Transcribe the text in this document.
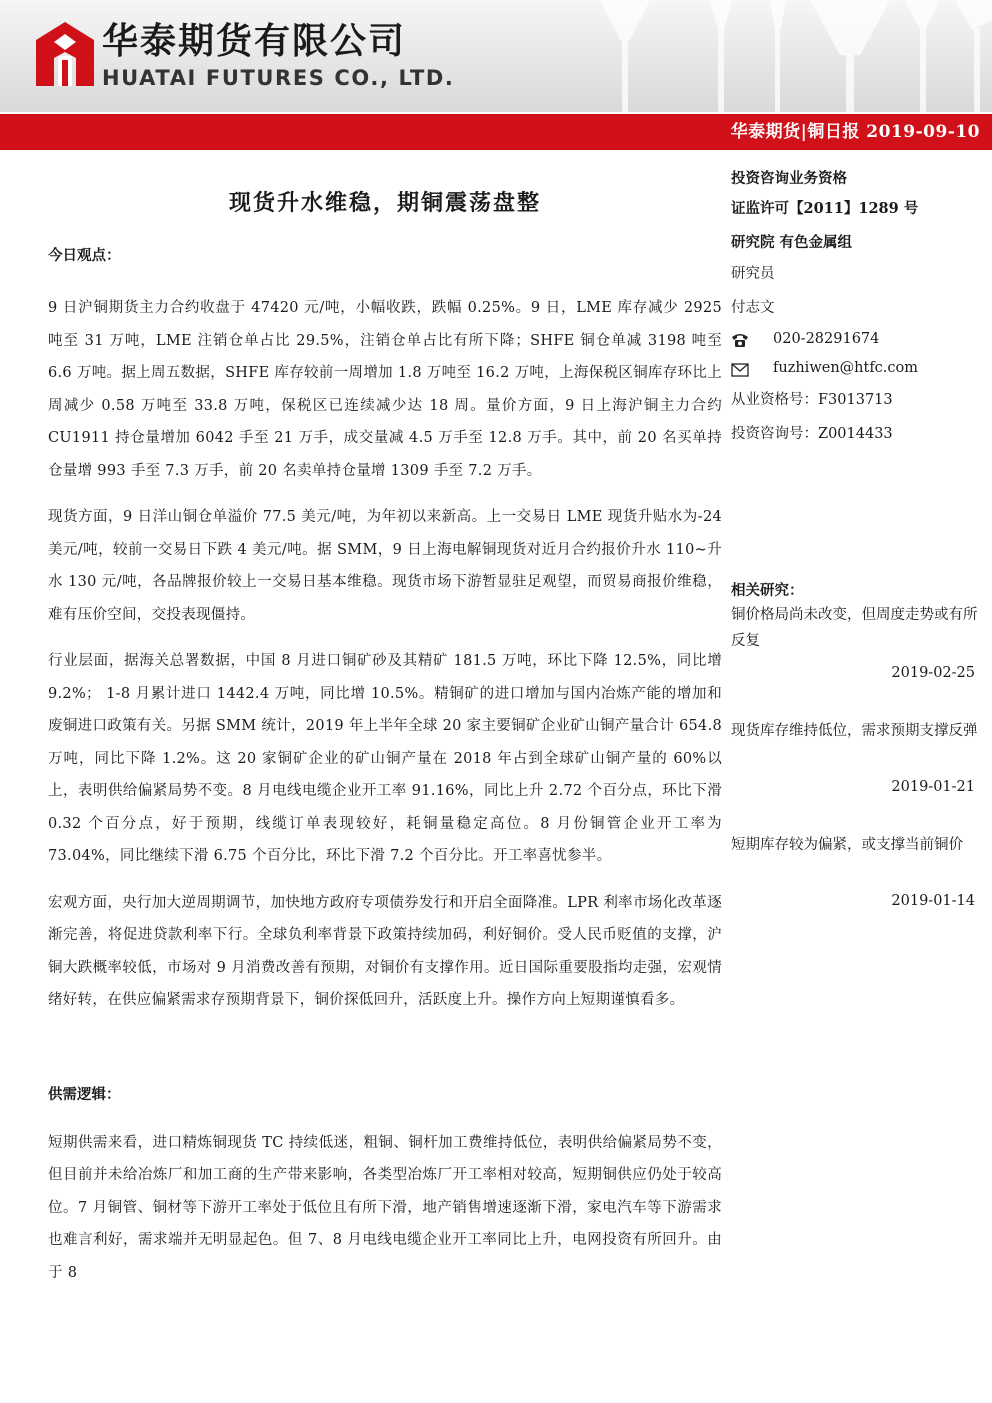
华泰期货有限公司
HUATAI FUTURES CO., LTD.
华泰期货|铜日报 2019-09-10
现货升水维稳，期铜震荡盘整

今日观点：

9 日沪铜期货主力合约收盘于 47420 元/吨，小幅收跌，跌幅 0.25%。9 日，LME 库存减少 2925 吨至 31 万吨，LME 注销仓单占比 29.5%，注销仓单占比有所下降；SHFE 铜仓单减 3198 吨至 6.6 万吨。据上周五数据，SHFE 库存较前一周增加 1.8 万吨至 16.2 万吨，上海保税区铜库存环比上周减少 0.58 万吨至 33.8 万吨，保税区已连续减少达 18 周。量价方面，9 日上海沪铜主力合约 CU1911 持仓量增加 6042 手至 21 万手，成交量减 4.5 万手至 12.8 万手。其中，前 20 名买单持仓量增 993 手至 7.3 万手，前 20 名卖单持仓量增 1309 手至 7.2 万手。

现货方面，9 日洋山铜仓单溢价 77.5 美元/吨，为年初以来新高。上一交易日 LME 现货升贴水为-24 美元/吨，较前一交易日下跌 4 美元/吨。据 SMM，9 日上海电解铜现货对近月合约报价升水 110~升水 130 元/吨，各品牌报价较上一交易日基本维稳。现货市场下游暂显驻足观望，而贸易商报价维稳，难有压价空间，交投表现僵持。

行业层面，据海关总署数据，中国 8 月进口铜矿砂及其精矿 181.5 万吨，环比下降 12.5%，同比增 9.2%； 1-8 月累计进口 1442.4 万吨，同比增 10.5%。精铜矿的进口增加与国内冶炼产能的增加和废铜进口政策有关。另据 SMM 统计，2019 年上半年全球 20 家主要铜矿企业矿山铜产量合计 654.8 万吨，同比下降 1.2%。这 20 家铜矿企业的矿山铜产量在 2018 年占到全球矿山铜产量的 60%以上，表明供给偏紧局势不变。8 月电线电缆企业开工率 91.16%，同比上升 2.72 个百分点，环比下滑 0.32 个百分点，好于预期，线缆订单表现较好，耗铜量稳定高位。8 月份铜管企业开工率为 73.04%，同比继续下滑 6.75 个百分比，环比下滑 7.2 个百分比。开工率喜忧参半。

宏观方面，央行加大逆周期调节，加快地方政府专项债券发行和开启全面降准。LPR 利率市场化改革逐渐完善，将促进贷款利率下行。全球负利率背景下政策持续加码，利好铜价。受人民币贬值的支撑，沪铜大跌概率较低，市场对 9 月消费改善有预期，对铜价有支撑作用。近日国际重要股指均走强，宏观情绪好转，在供应偏紧需求存预期背景下，铜价探低回升，活跃度上升。操作方向上短期谨慎看多。

供需逻辑：

短期供需来看，进口精炼铜现货 TC 持续低迷，粗铜、铜杆加工费维持低位，表明供给偏紧局势不变，但目前并未给冶炼厂和加工商的生产带来影响，各类型冶炼厂开工率相对较高，短期铜供应仍处于较高位。7 月铜管、铜材等下游开工率处于低位且有所下滑，地产销售增速逐渐下滑，家电汽车等下游需求也难言利好，需求端并无明显起色。但 7、8 月电线电缆企业开工率同比上升，电网投资有所回升。由于 8

投资咨询业务资格
证监许可【2011】1289 号
研究院 有色金属组
研究员
付志文
020-28291674
fuzhiwen@htfc.com
从业资格号：F3013713
投资咨询号：Z0014433
相关研究：
铜价格局尚未改变，但周度走势或有所反复
2019-02-25
现货库存维持低位，需求预期支撑反弹
2019-01-21
短期库存较为偏紧，或支撑当前铜价
2019-01-14
